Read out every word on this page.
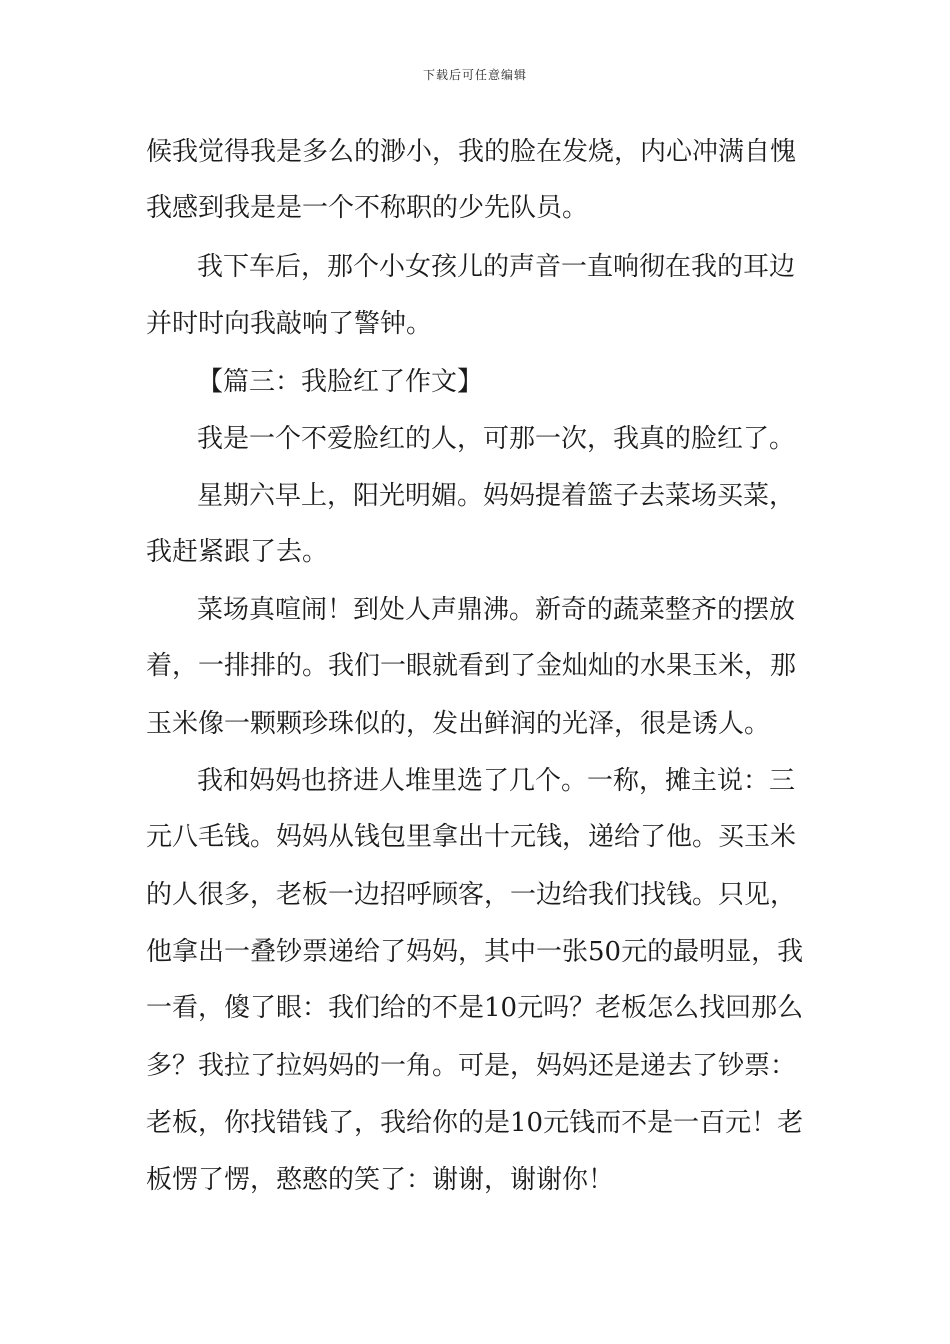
下载后可任意编辑
候我觉得我是多么的渺小，我的脸在发烧，内心冲满自愧
我感到我是是一个不称职的少先队员。
我下车后，那个小女孩儿的声音一直响彻在我的耳边
并时时向我敲响了警钟。
【篇三：我脸红了作文】
我是一个不爱脸红的人，可那一次，我真的脸红了。
星期六早上，阳光明媚。妈妈提着篮子去菜场买菜，
我赶紧跟了去。
菜场真喧闹！到处人声鼎沸。新奇的蔬菜整齐的摆放
着，一排排的。我们一眼就看到了金灿灿的水果玉米，那
玉米像一颗颗珍珠似的，发出鲜润的光泽，很是诱人。
我和妈妈也挤进人堆里选了几个。一称，摊主说：三
元八毛钱。妈妈从钱包里拿出十元钱，递给了他。买玉米
的人很多，老板一边招呼顾客，一边给我们找钱。只见，
他拿出一叠钞票递给了妈妈，其中一张50元的最明显，我
一看，傻了眼：我们给的不是10元吗？老板怎么找回那么
多？我拉了拉妈妈的一角。可是，妈妈还是递去了钞票：
老板，你找错钱了，我给你的是10元钱而不是一百元！老
板愣了愣，憨憨的笑了：谢谢，谢谢你！
